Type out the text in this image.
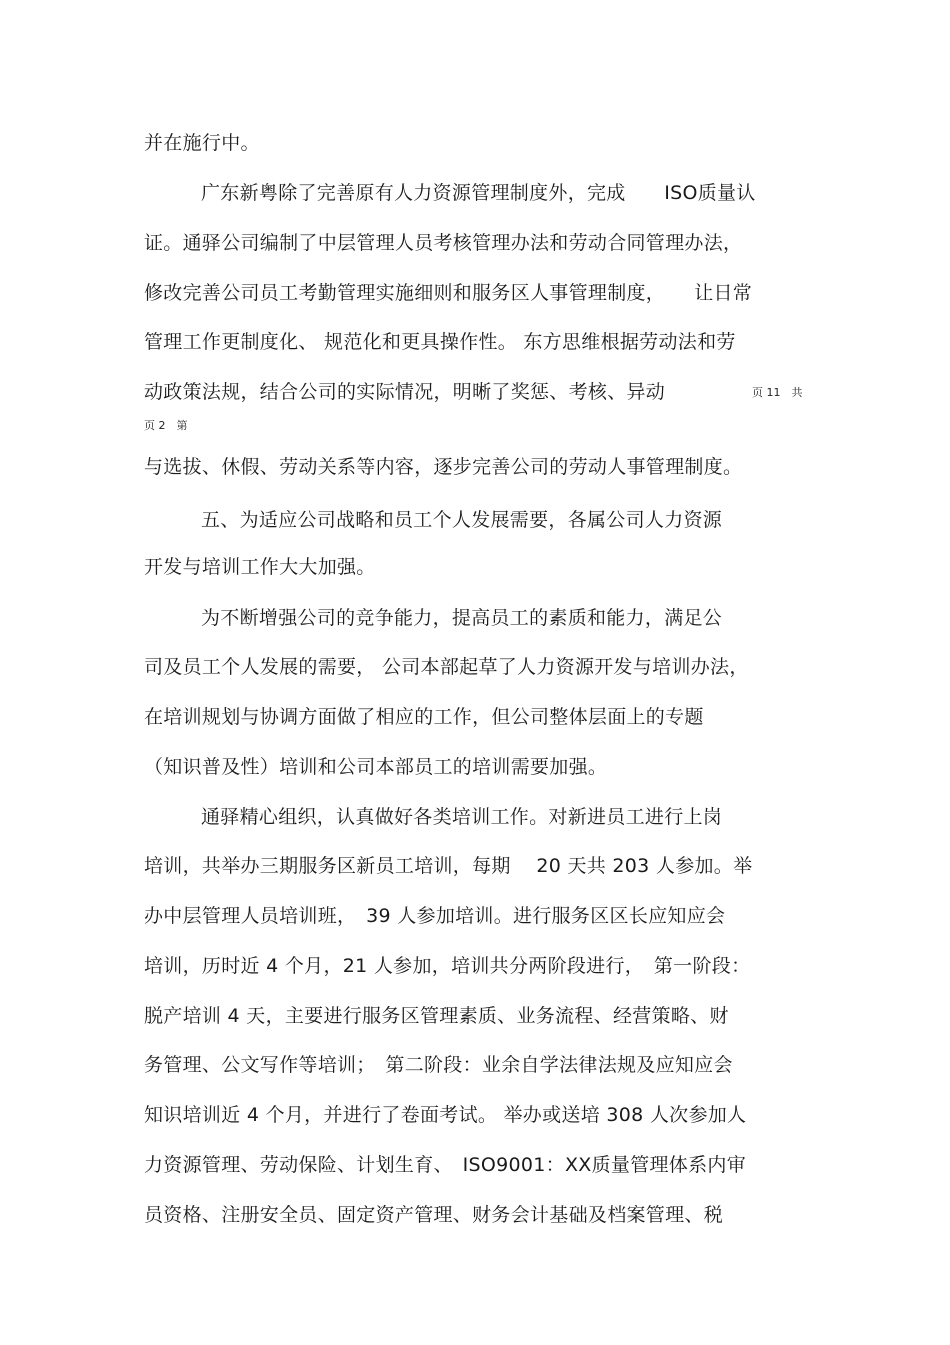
并在施行中。
广东新粤除了完善原有人力资源管理制度外，完成　　ISO质量认
证。通驿公司编制了中层管理人员考核管理办法和劳动合同管理办法，
修改完善公司员工考勤管理实施细则和服务区人事管理制度，　　让日常
管理工作更制度化、 规范化和更具操作性。 东方思维根据劳动法和劳
动政策法规，结合公司的实际情况，明晰了奖惩、考核、异动	页 11　共
页 2　第
与选拔、休假、劳动关系等内容，逐步完善公司的劳动人事管理制度。
五、为适应公司战略和员工个人发展需要，各属公司人力资源
开发与培训工作大大加强。
为不断增强公司的竞争能力，提高员工的素质和能力，满足公
司及员工个人发展的需要， 公司本部起草了人力资源开发与培训办法，
在培训规划与协调方面做了相应的工作，但公司整体层面上的专题
（知识普及性）培训和公司本部员工的培训需要加强。
通驿精心组织，认真做好各类培训工作。对新进员工进行上岗
培训，共举办三期服务区新员工培训，每期　 20 天共 203 人参加。举
办中层管理人员培训班，　39 人参加培训。进行服务区区长应知应会
培训，历时近 4 个月，21 人参加，培训共分两阶段进行，　第一阶段：
脱产培训 4 天，主要进行服务区管理素质、业务流程、经营策略、财
务管理、公文写作等培训；　第二阶段：业余自学法律法规及应知应会
知识培训近 4 个月，并进行了卷面考试。 举办或送培 308 人次参加人
力资源管理、劳动保险、计划生育、　ISO9001：XX质量管理体系内审
员资格、注册安全员、固定资产管理、财务会计基础及档案管理、税
